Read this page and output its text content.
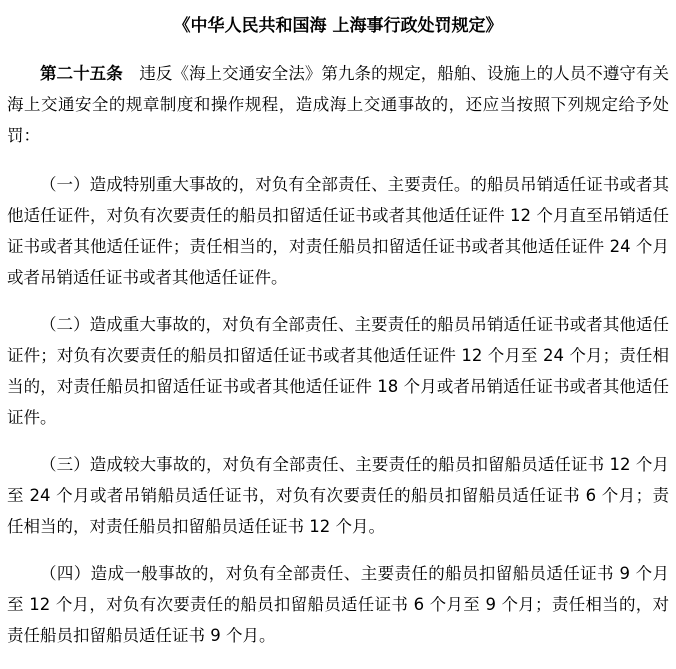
《中华人民共和国海 上海事行政处罚规定》

第二十五条　违反《海上交通安全法》第九条的规定，船舶、设施上的人员不遵守有关海上交通安全的规章制度和操作规程，造成海上交通事故的，还应当按照下列规定给予处罚：

（一）造成特别重大事故的，对负有全部责任、主要责任。的船员吊销适任证书或者其他适任证件，对负有次要责任的船员扣留适任证书或者其他适任证件 12 个月直至吊销适任证书或者其他适任证件；责任相当的，对责任船员扣留适任证书或者其他适任证件 24 个月或者吊销适任证书或者其他适任证件。

（二）造成重大事故的，对负有全部责任、主要责任的船员吊销适任证书或者其他适任证件；对负有次要责任的船员扣留适任证书或者其他适任证件 12 个月至 24 个月；责任相当的，对责任船员扣留适任证书或者其他适任证件 18 个月或者吊销适任证书或者其他适任证件。

（三）造成较大事故的，对负有全部责任、主要责任的船员扣留船员适任证书 12 个月至 24 个月或者吊销船员适任证书，对负有次要责任的船员扣留船员适任证书 6 个月；责任相当的，对责任船员扣留船员适任证书 12 个月。

（四）造成一般事故的，对负有全部责任、主要责任的船员扣留船员适任证书 9 个月至 12 个月，对负有次要责任的船员扣留船员适任证书 6 个月至 9 个月；责任相当的，对责任船员扣留船员适任证书 9 个月。
